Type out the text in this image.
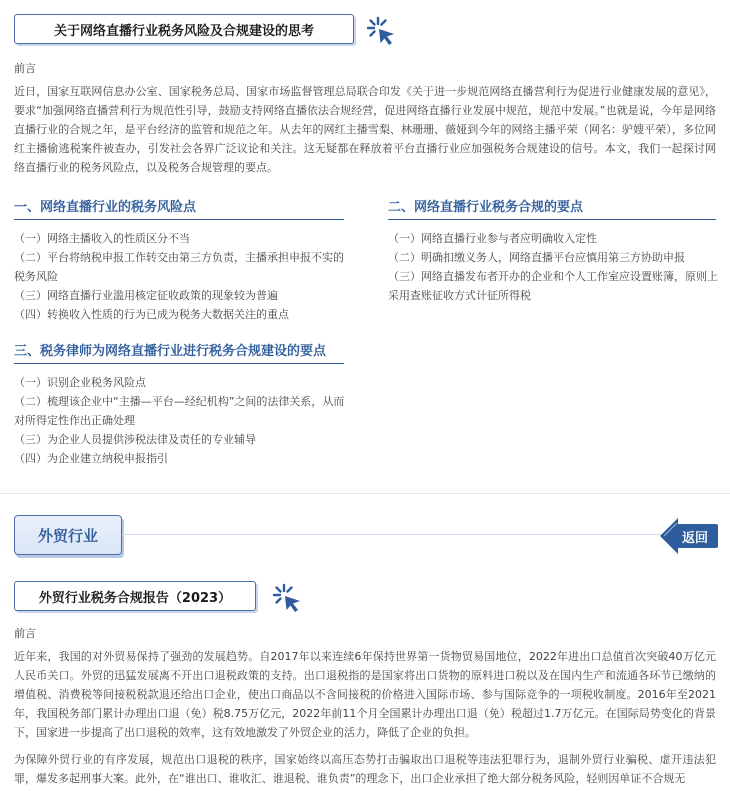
关于网络直播行业税务风险及合规建设的思考
前言

近日，国家互联网信息办公室、国家税务总局、国家市场监督管理总局联合印发《关于进一步规范网络直播营利行为促进行业健康发展的意见》，要求“加强网络直播营利行为规范性引导，鼓励支持网络直播依法合规经营，促进网络直播行业发展中规范，规范中发展。”也就是说，今年是网络直播行业的合规之年，是平台经济的监管和规范之年。从去年的网红主播雪梨、林珊珊、薇娅到今年的网络主播平荣（网名：驴嫂平荣），多位网红主播偷逃税案件被查办，引发社会各界广泛议论和关注。这无疑都在释放着平台直播行业应加强税务合规建设的信号。本文，我们一起探讨网络直播行业的税务风险点，以及税务合规管理的要点。

一、网络直播行业的税务风险点
（一）网络主播收入的性质区分不当
（二）平台将纳税申报工作转交由第三方负责，主播承担申报不实的税务风险
（三）网络直播行业滥用核定征收政策的现象较为普遍
（四）转换收入性质的行为已成为税务大数据关注的重点
二、网络直播行业税务合规的要点
（一）网络直播行业参与者应明确收入定性
（二）明确扣缴义务人，网络直播平台应慎用第三方协助申报
（三）网络直播发布者开办的企业和个人工作室应设置账簿，原则上采用查账征收方式计征所得税
三、税务律师为网络直播行业进行税务合规建设的要点
（一）识别企业税务风险点
（二）梳理该企业中“主播—平台—经纪机构”之间的法律关系，从而对所得定性作出正确处理
（三）为企业人员提供涉税法律及责任的专业辅导
（四）为企业建立纳税申报指引
外贸行业	返回
外贸行业税务合规报告（2023）
前言

近年来，我国的对外贸易保持了强劲的发展趋势。自2017年以来连续6年保持世界第一货物贸易国地位，2022年进出口总值首次突破40万亿元人民币关口。外贸的迅猛发展离不开出口退税政策的支持。出口退税指的是国家将出口货物的原料进口税以及在国内生产和流通各环节已缴纳的增值税、消费税等间接税税款退还给出口企业，使出口商品以不含间接税的价格进入国际市场、参与国际竞争的一项税收制度。2016年至2021年，我国税务部门累计办理出口退（免）税8.75万亿元，2022年前11个月全国累计办理出口退（免）税超过1.7万亿元。在国际局势变化的背景下，国家进一步提高了出口退税的效率，这有效地激发了外贸企业的活力，降低了企业的负担。

为保障外贸行业的有序发展，规范出口退税的秩序，国家始终以高压态势打击骗取出口退税等违法犯罪行为，退制外贸行业骗税、虚开违法犯罪，爆发多起刑事大案。此外，在“谁出口、谁收汇、谁退税、谁负责”的理念下，出口企业承担了绝大部分税务风险，轻则因单证不合规无
